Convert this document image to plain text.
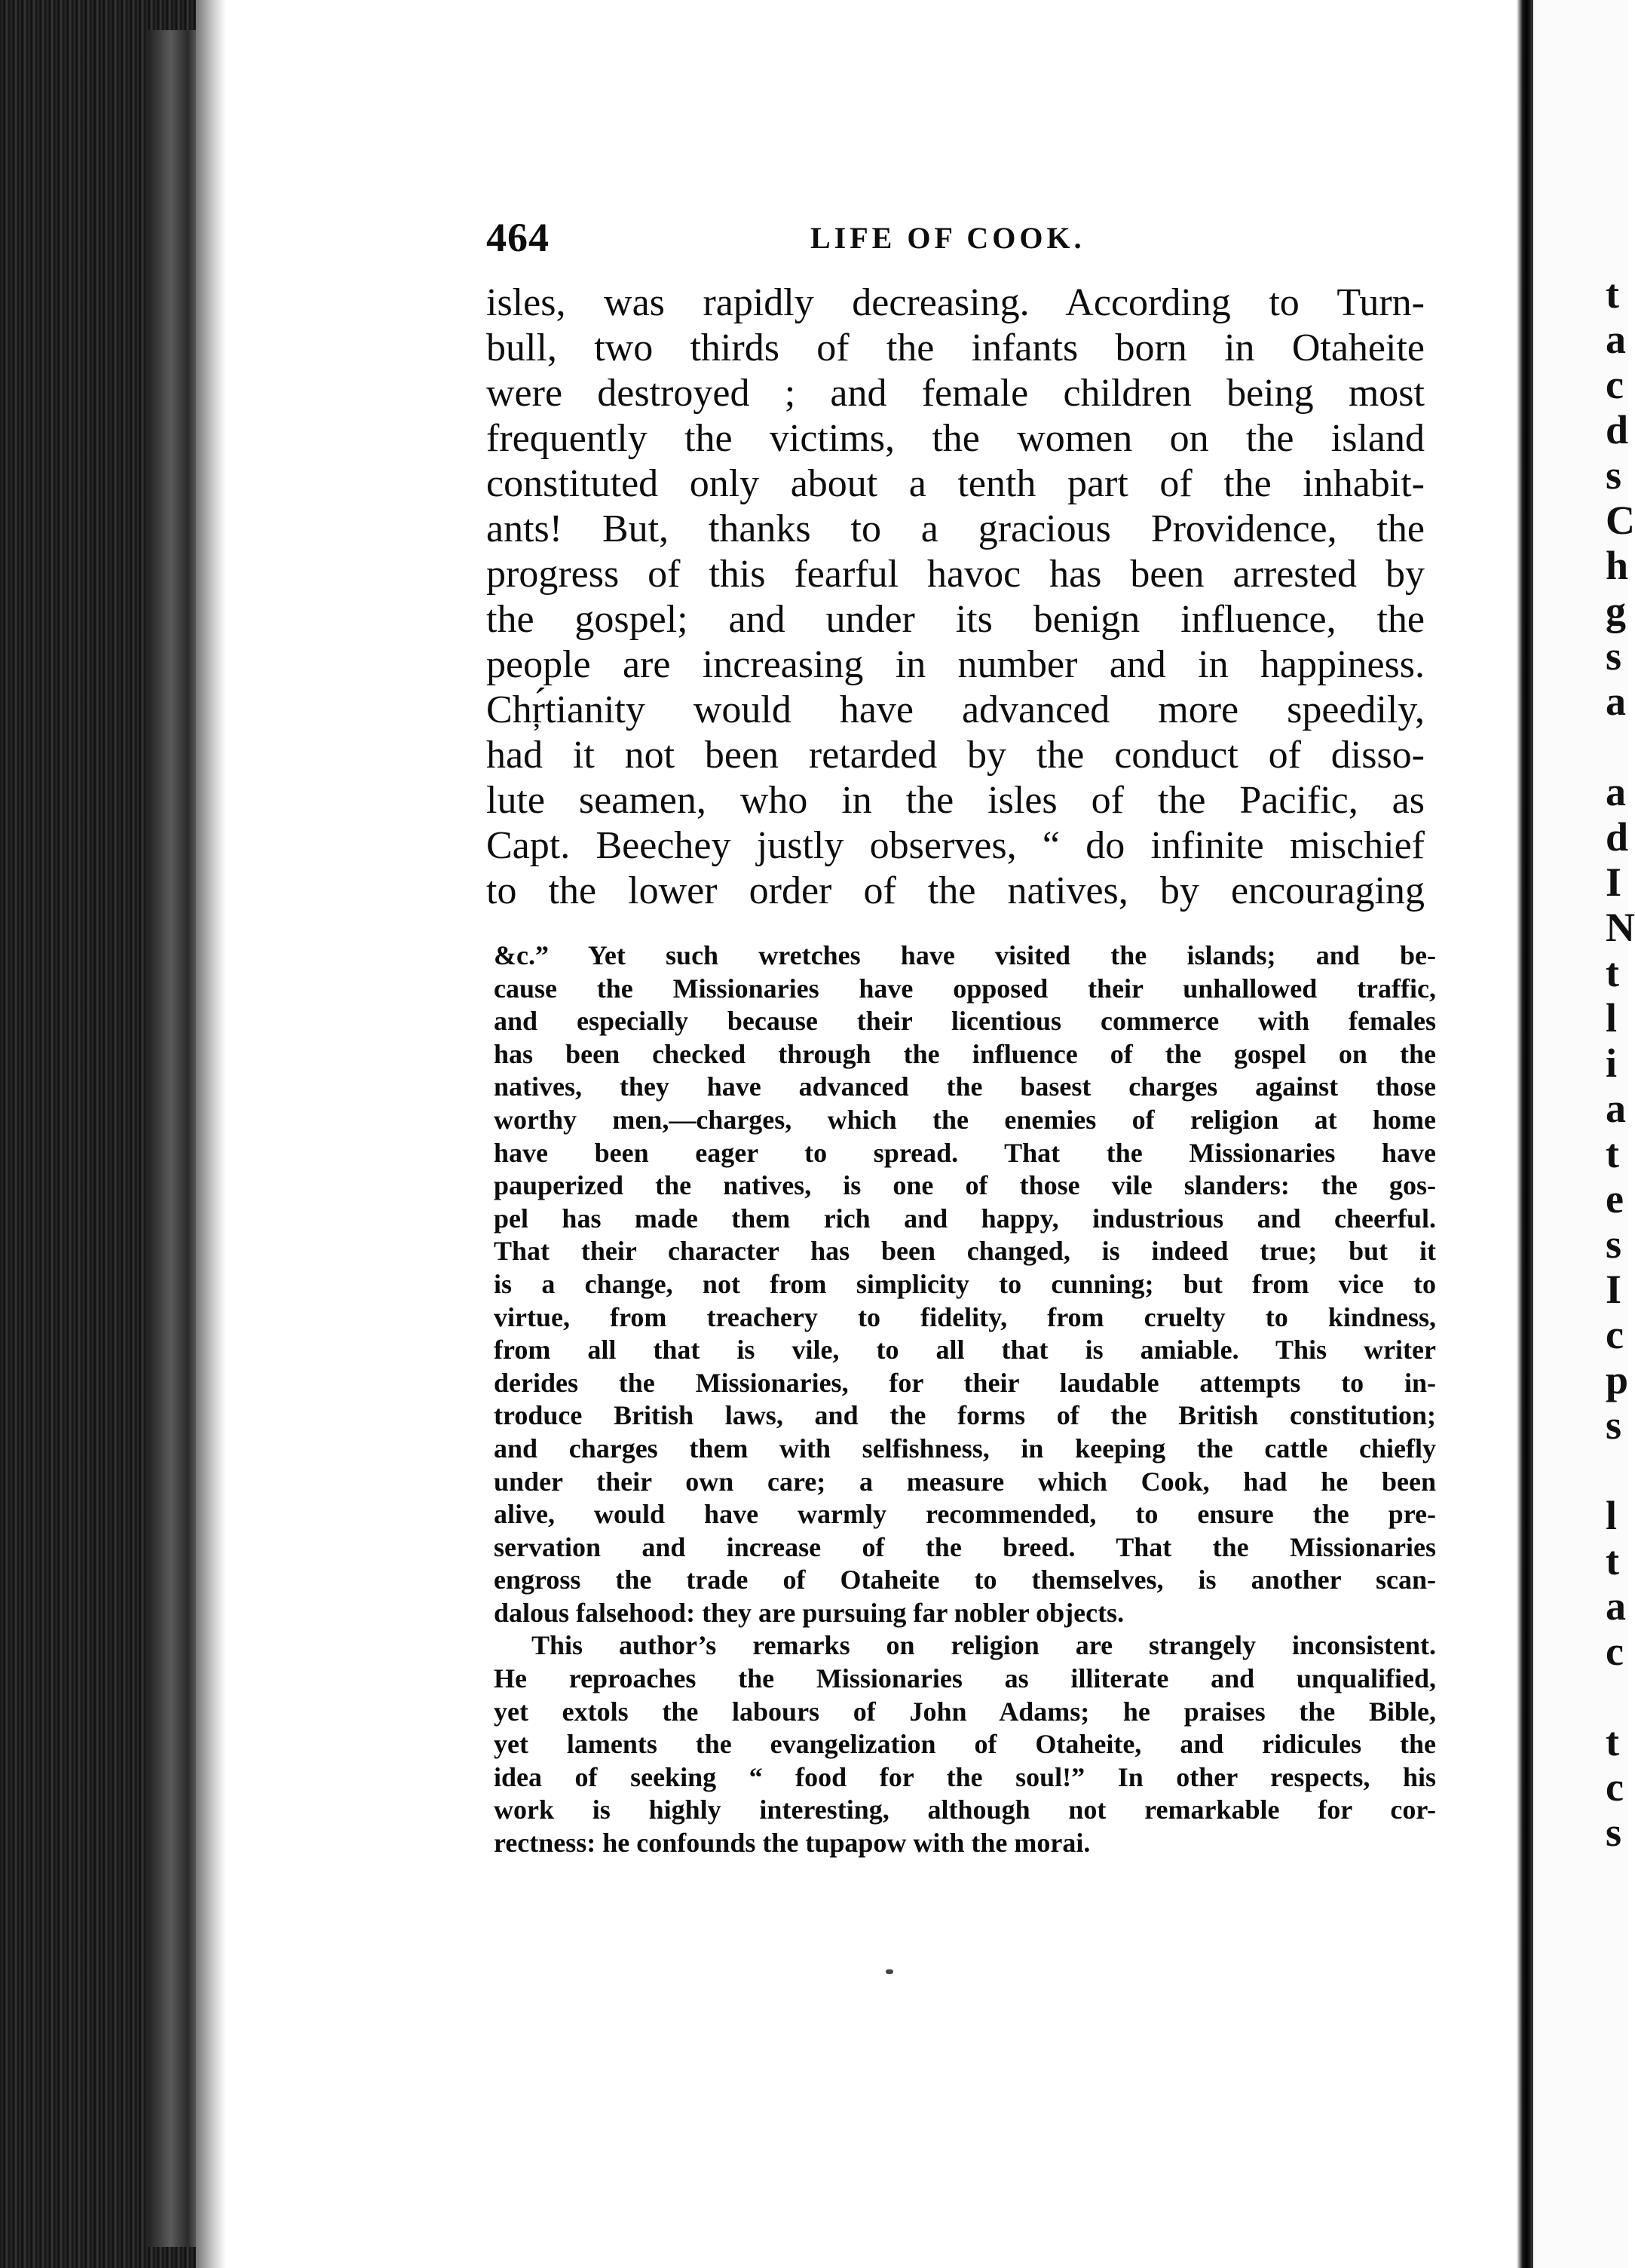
t
a
c
d
s
C
h
g
s
a

a
d
I
N
t
l
i
a
t
e
s
I
c
p
s

l
t
a
c

t
c
s
464	LIFE OF COOK.
isles, was rapidly decreasing. According to Turn-
bull, two thirds of the infants born in Otaheite
were destroyed ; and female children being most
frequently the victims, the women on the island
constituted only about a tenth part of the inhabit-
ants! But, thanks to a gracious Providence, the
progress of this fearful havoc has been arrested by
the gospel; and under its benign influence, the
people are increasing in number and in happiness.
Chŗ́tianity would have advanced more speedily,
had it not been retarded by the conduct of disso-
lute seamen, who in the isles of the Pacific, as
Capt. Beechey justly observes, “ do infinite mischief
to the lower order of the natives, by encouraging
&c.” Yet such wretches have visited the islands; and be-
cause the Missionaries have opposed their unhallowed traffic,
and especially because their licentious commerce with females
has been checked through the influence of the gospel on the
natives, they have advanced the basest charges against those
worthy men,—charges, which the enemies of religion at home
have been eager to spread. That the Missionaries have
pauperized the natives, is one of those vile slanders: the gos-
pel has made them rich and happy, industrious and cheerful.
That their character has been changed, is indeed true; but it
is a change, not from simplicity to cunning; but from vice to
virtue, from treachery to fidelity, from cruelty to kindness,
from all that is vile, to all that is amiable. This writer
derides the Missionaries, for their laudable attempts to in-
troduce British laws, and the forms of the British constitution;
and charges them with selfishness, in keeping the cattle chiefly
under their own care; a measure which Cook, had he been
alive, would have warmly recommended, to ensure the pre-
servation and increase of the breed. That the Missionaries
engross the trade of Otaheite to themselves, is another scan-
dalous falsehood: they are pursuing far nobler objects.
This author’s remarks on religion are strangely inconsistent.
He reproaches the Missionaries as illiterate and unqualified,
yet extols the labours of John Adams; he praises the Bible,
yet laments the evangelization of Otaheite, and ridicules the
idea of seeking “ food for the soul!” In other respects, his
work is highly interesting, although not remarkable for cor-
rectness: he confounds the tupapow with the morai.
